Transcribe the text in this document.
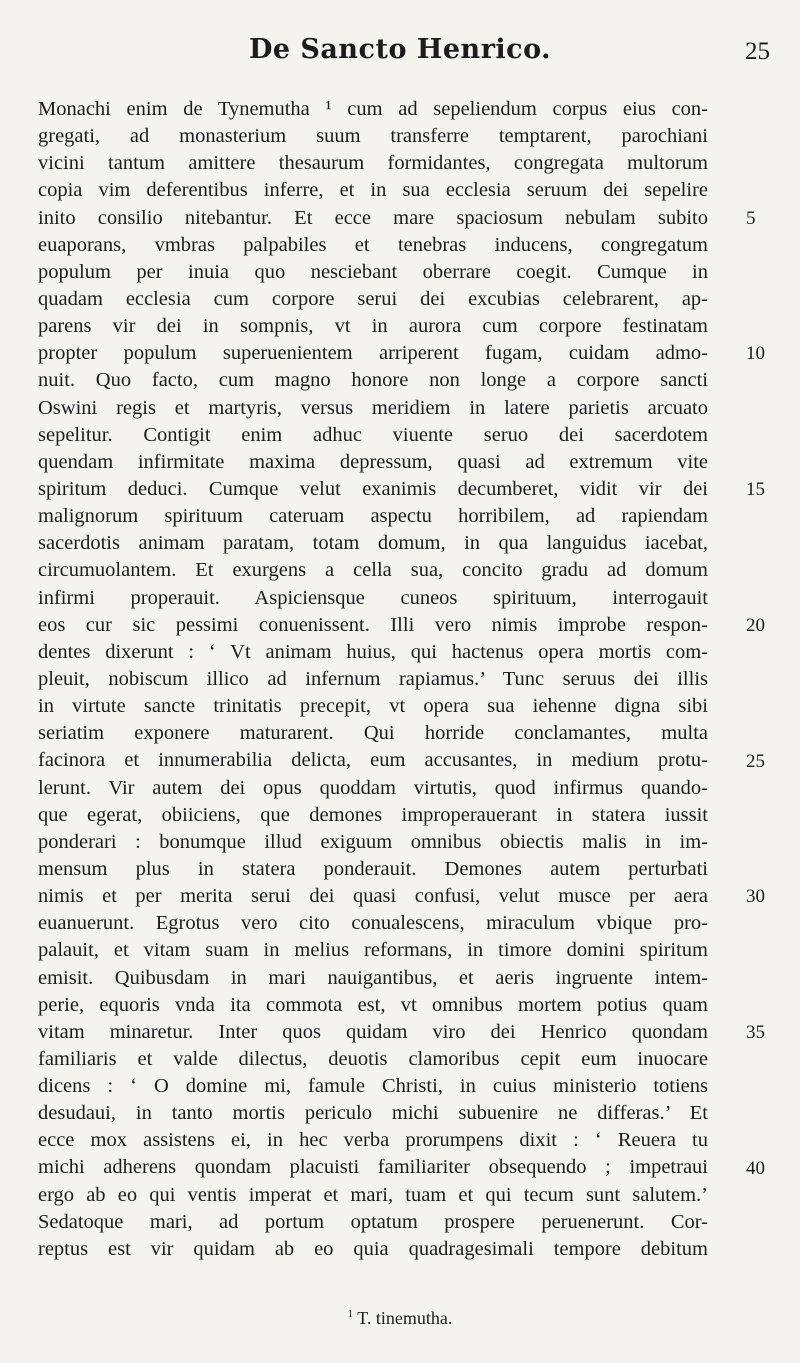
De Sancto Henrico.	25
Monachi enim de Tynemutha ¹ cum ad sepeliendum corpus eius con-
gregati, ad monasterium suum transferre temptarent, parochiani
vicini tantum amittere thesaurum formidantes, congregata multorum
copia vim deferentibus inferre, et in sua ecclesia seruum dei sepelire
inito consilio nitebantur. Et ecce mare spaciosum nebulam subito
euaporans, vmbras palpabiles et tenebras inducens, congregatum
populum per inuia quo nesciebant oberrare coegit. Cumque in
quadam ecclesia cum corpore serui dei excubias celebrarent, ap-
parens vir dei in sompnis, vt in aurora cum corpore festinatam
propter populum superuenientem arriperent fugam, cuidam admo-
nuit. Quo facto, cum magno honore non longe a corpore sancti
Oswini regis et martyris, versus meridiem in latere parietis arcuato
sepelitur. Contigit enim adhuc viuente seruo dei sacerdotem
quendam infirmitate maxima depressum, quasi ad extremum vite
spiritum deduci. Cumque velut exanimis decumberet, vidit vir dei
malignorum spirituum cateruam aspectu horribilem, ad rapiendam
sacerdotis animam paratam, totam domum, in qua languidus iacebat,
circumuolantem. Et exurgens a cella sua, concito gradu ad domum
infirmi properauit. Aspiciensque cuneos spirituum, interrogauit
eos cur sic pessimi conuenissent. Illi vero nimis improbe respon-
dentes dixerunt : ‘ Vt animam huius, qui hactenus opera mortis com-
pleuit, nobiscum illico ad infernum rapiamus.’ Tunc seruus dei illis
in virtute sancte trinitatis precepit, vt opera sua iehenne digna sibi
seriatim exponere maturarent. Qui horride conclamantes, multa
facinora et innumerabilia delicta, eum accusantes, in medium protu-
lerunt. Vir autem dei opus quoddam virtutis, quod infirmus quando-
que egerat, obiiciens, que demones improperauerant in statera iussit
ponderari : bonumque illud exiguum omnibus obiectis malis in im-
mensum plus in statera ponderauit. Demones autem perturbati
nimis et per merita serui dei quasi confusi, velut musce per aera
euanuerunt. Egrotus vero cito conualescens, miraculum vbique pro-
palauit, et vitam suam in melius reformans, in timore domini spiritum
emisit. Quibusdam in mari nauigantibus, et aeris ingruente intem-
perie, equoris vnda ita commota est, vt omnibus mortem potius quam
vitam minaretur. Inter quos quidam viro dei Henrico quondam
familiaris et valde dilectus, deuotis clamoribus cepit eum inuocare
dicens : ‘ O domine mi, famule Christi, in cuius ministerio totiens
desudaui, in tanto mortis periculo michi subuenire ne differas.’ Et
ecce mox assistens ei, in hec verba prorumpens dixit : ‘ Reuera tu
michi adherens quondam placuisti familiariter obsequendo ; impetraui
ergo ab eo qui ventis imperat et mari, tuam et qui tecum sunt salutem.’
Sedatoque mari, ad portum optatum prospere peruenerunt. Cor-
reptus est vir quidam ab eo quia quadragesimali tempore debitum
5
10
15
20
25
30
35
40
$^1$ T. tinemutha.
